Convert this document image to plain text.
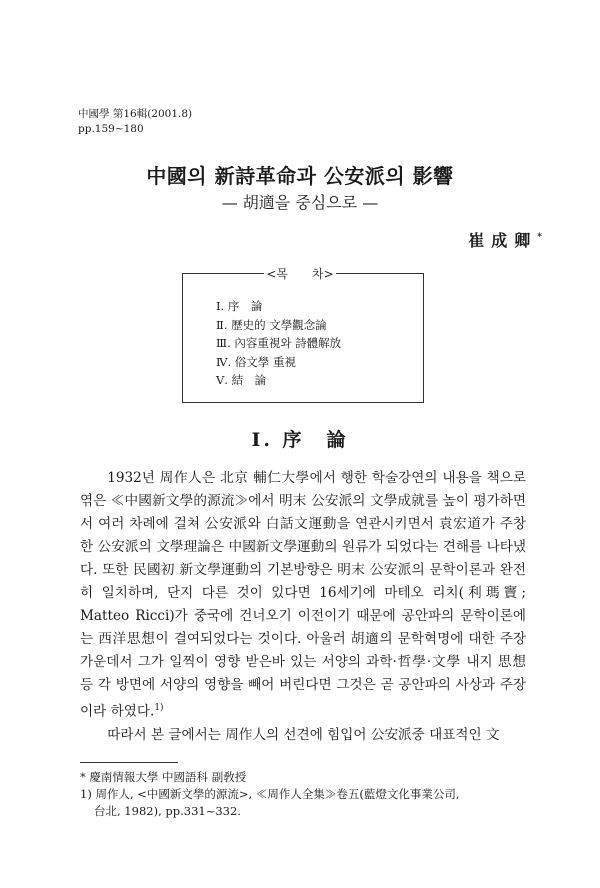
中國學 第16輯(2001.8)
pp.159~180
中國의 新詩革命과 公安派의 影響
— 胡適을 중심으로 —
崔成卿*
<목　　차>
Ⅰ. 序　論
Ⅱ. 歷史的 文學觀念論
Ⅲ. 內容重視와 詩體解放
Ⅳ. 俗文學 重視
Ⅴ. 結　論
Ⅰ. 序　論

1932년 周作人은 北京 輔仁大學에서 행한 학술강연의 내용을 책으로 엮은 ≪中國新文學的源流≫에서 明末 公安派의 文學成就를 높이 평가하면서 여러 차례에 걸쳐 公安派와 白話文運動을 연관시키면서 袁宏道가 주창한 公安派의 文學理論은 中國新文學運動의 원류가 되었다는 견해를 나타냈다. 또한 民國初 新文學運動의 기본방향은 明末 公安派의 문학이론과 완전히 일치하며, 단지 다른 것이 있다면 16세기에 마테오 리치(利瑪竇; Matteo Ricci)가 중국에 건너오기 이전이기 때문에 공안파의 문학이론에는 西洋思想이 결여되었다는 것이다. 아울러 胡適의 문학혁명에 대한 주장 가운데서 그가 일찍이 영향 받은바 있는 서양의 과학·哲學·文學 내지 思想 등 각 방면에 서양의 영향을 빼어 버린다면 그것은 곧 공안파의 사상과 주장이라 하였다.$^{1)}$

따라서 본 글에서는 周作人의 선견에 힘입어 公安派중 대표적인 文

* 慶南情報大學 中國語科 副敎授

1) 周作人, <中國新文學的源流>, ≪周作人全集≫卷五(藍燈文化事業公司,
台北, 1982), pp.331~332.
